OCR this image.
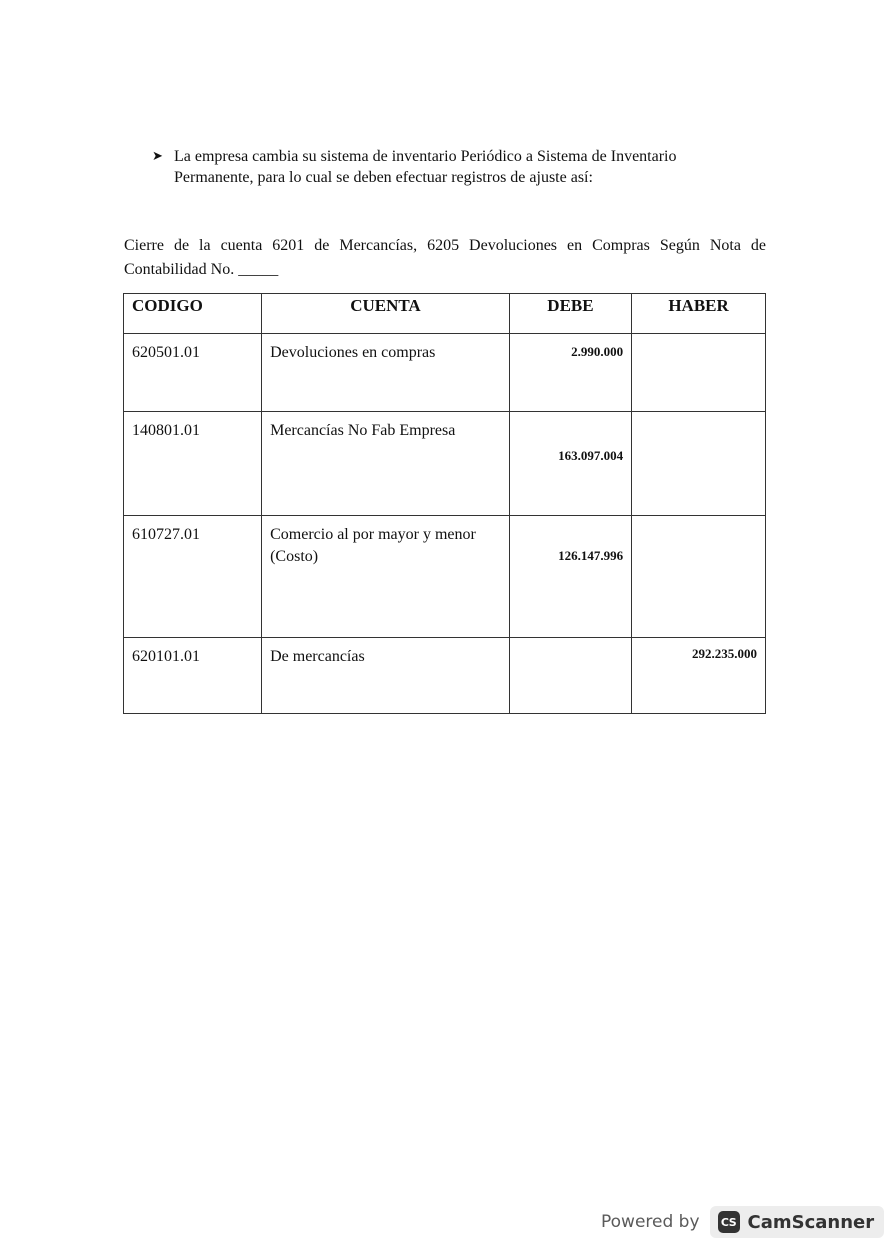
➤ La empresa cambia su sistema de inventario Periódico a Sistema de Inventario
Permanente, para lo cual se deben efectuar registros de ajuste así:
Cierre de la cuenta 6201 de Mercancías, 6205 Devoluciones en Compras Según Nota de Contabilidad No. _____
CODIGO	CUENTA	DEBE	HABER
620501.01	Devoluciones en compras	2.990.000	
140801.01	Mercancías No Fab Empresa	163.097.004	
610727.01	Comercio al por mayor y menor (Costo)	126.147.996	
620101.01	De mercancías		292.235.000
Powered by	CS CamScanner
